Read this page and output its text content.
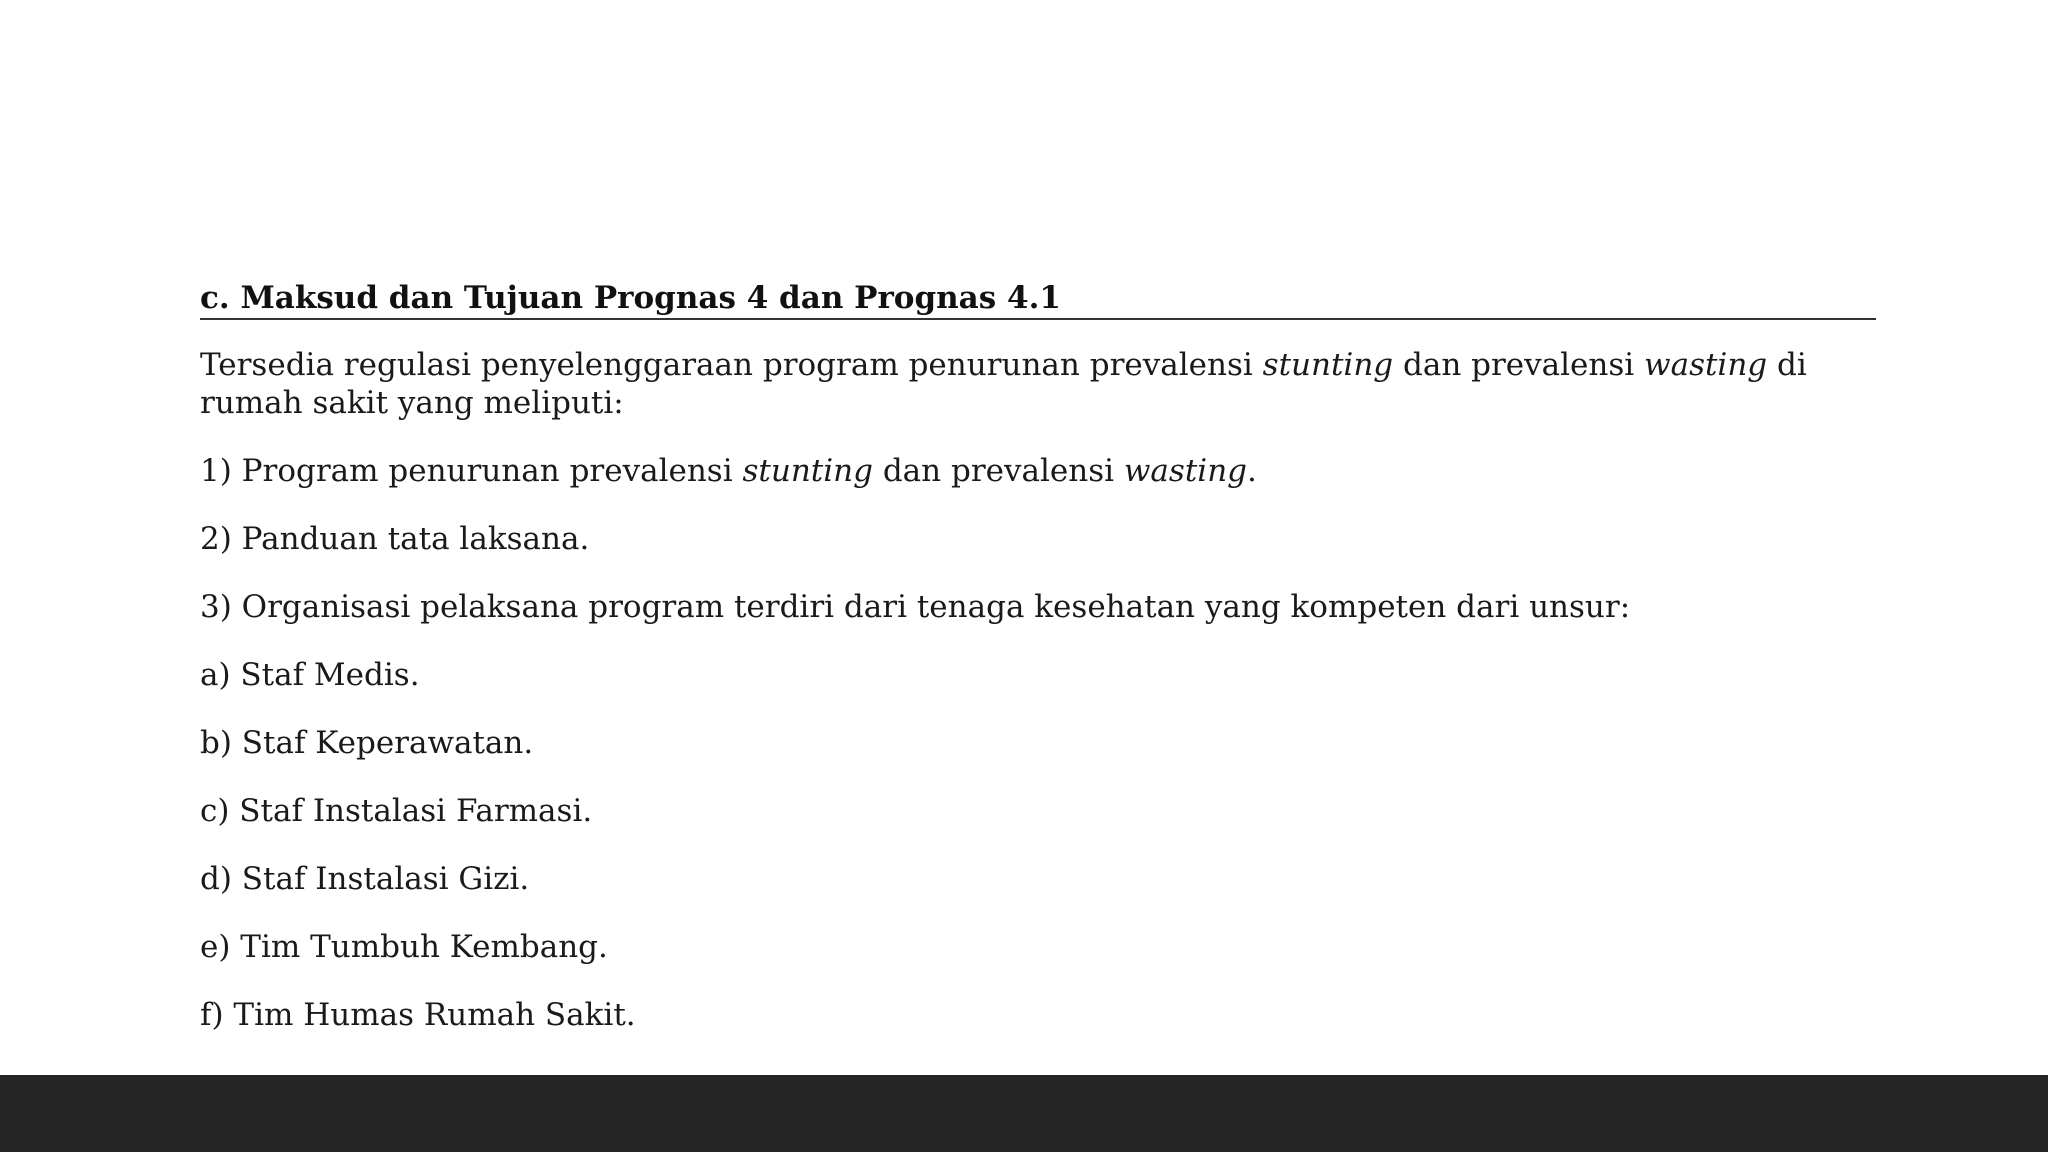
c. Maksud dan Tujuan Prognas 4 dan Prognas 4.1

Tersedia regulasi penyelenggaraan program penurunan prevalensi stunting dan prevalensi wasting di rumah sakit yang meliputi:

1) Program penurunan prevalensi stunting dan prevalensi wasting.

2) Panduan tata laksana.

3) Organisasi pelaksana program terdiri dari tenaga kesehatan yang kompeten dari unsur:

a) Staf Medis.

b) Staf Keperawatan.

c) Staf Instalasi Farmasi.

d) Staf Instalasi Gizi.

e) Tim Tumbuh Kembang.

f) Tim Humas Rumah Sakit.
